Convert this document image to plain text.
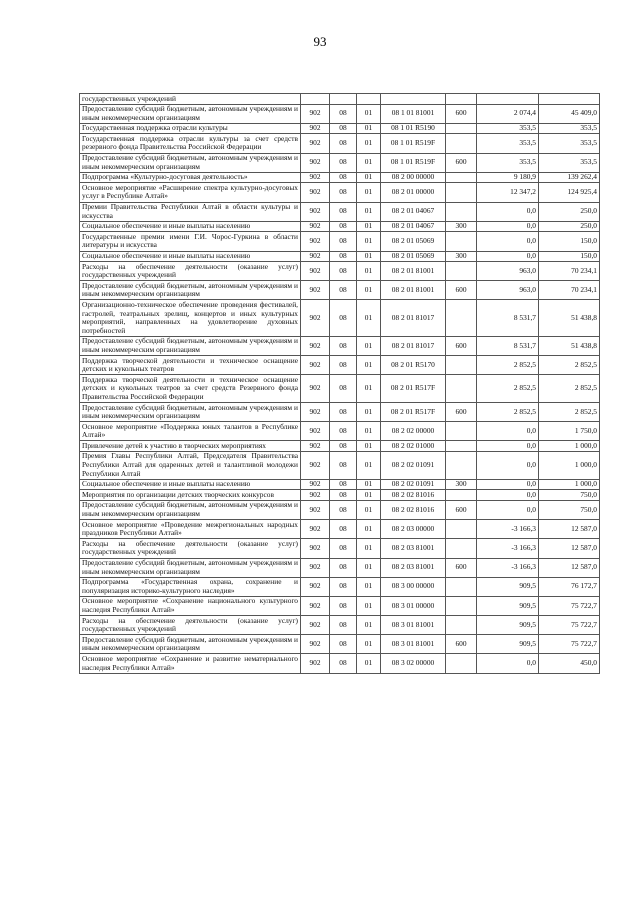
93
государственных учреждений							
Предоставление субсидий бюджетным, автономным учреждениям и иным некоммерческим организациям	902	08	01	08 1 01 81001	600	2 074,4	45 409,0
Государственная поддержка отрасли культуры	902	08	01	08 1 01 R5190		353,5	353,5
Государственная поддержка отрасли культуры за счет средств резервного фонда Правительства Российской Федерации	902	08	01	08 1 01 R519F		353,5	353,5
Предоставление субсидий бюджетным, автономным учреждениям и иным некоммерческим организациям	902	08	01	08 1 01 R519F	600	353,5	353,5
Подпрограмма «Культурно-досуговая деятельность»	902	08	01	08 2 00 00000		9 180,9	139 262,4
Основное мероприятие «Расширение спектра культурно-досуговых услуг в Республике Алтай»	902	08	01	08 2 01 00000		12 347,2	124 925,4
Премии Правительства Республики Алтай в области культуры и искусства	902	08	01	08 2 01 04067		0,0	250,0
Социальное обеспечение и иные выплаты населению	902	08	01	08 2 01 04067	300	0,0	250,0
Государственные премии имени Г.И. Чорос-Гуркина в области литературы и искусства	902	08	01	08 2 01 05069		0,0	150,0
Социальное обеспечение и иные выплаты населению	902	08	01	08 2 01 05069	300	0,0	150,0
Расходы на обеспечение деятельности (оказание услуг) государственных учреждений	902	08	01	08 2 01 81001		963,0	70 234,1
Предоставление субсидий бюджетным, автономным учреждениям и иным некоммерческим организациям	902	08	01	08 2 01 81001	600	963,0	70 234,1
Организационно-техническое обеспечение проведения фестивалей, гастролей, театральных зрелищ, концертов и иных культурных мероприятий, направленных на удовлетворение духовных потребностей	902	08	01	08 2 01 81017		8 531,7	51 438,8
Предоставление субсидий бюджетным, автономным учреждениям и иным некоммерческим организациям	902	08	01	08 2 01 81017	600	8 531,7	51 438,8
Поддержка творческой деятельности и техническое оснащение детских и кукольных театров	902	08	01	08 2 01 R5170		2 852,5	2 852,5
Поддержка творческой деятельности и техническое оснащение детских и кукольных театров за счет средств Резервного фонда Правительства Российской Федерации	902	08	01	08 2 01 R517F		2 852,5	2 852,5
Предоставление субсидий бюджетным, автономным учреждениям и иным некоммерческим организациям	902	08	01	08 2 01 R517F	600	2 852,5	2 852,5
Основное мероприятие «Поддержка юных талантов в Республике Алтай»	902	08	01	08 2 02 00000		0,0	1 750,0
Привлечение детей к участию в творческих мероприятиях	902	08	01	08 2 02 01000		0,0	1 000,0
Премия Главы Республики Алтай, Председателя Правительства Республики Алтай для одаренных детей и талантливой молодежи Республики Алтай	902	08	01	08 2 02 01091		0,0	1 000,0
Социальное обеспечение и иные выплаты населению	902	08	01	08 2 02 01091	300	0,0	1 000,0
Мероприятия по организации детских творческих конкурсов	902	08	01	08 2 02 81016		0,0	750,0
Предоставление субсидий бюджетным, автономным учреждениям и иным некоммерческим организациям	902	08	01	08 2 02 81016	600	0,0	750,0
Основное мероприятие «Проведение межрегиональных народных праздников Республики Алтай»	902	08	01	08 2 03 00000		-3 166,3	12 587,0
Расходы на обеспечение деятельности (оказание услуг) государственных учреждений	902	08	01	08 2 03 81001		-3 166,3	12 587,0
Предоставление субсидий бюджетным, автономным учреждениям и иным некоммерческим организациям	902	08	01	08 2 03 81001	600	-3 166,3	12 587,0
Подпрограмма «Государственная охрана, сохранение и популяризация историко-культурного наследия»	902	08	01	08 3 00 00000		909,5	76 172,7
Основное мероприятие «Сохранение национального культурного наследия Республики Алтай»	902	08	01	08 3 01 00000		909,5	75 722,7
Расходы на обеспечение деятельности (оказание услуг) государственных учреждений	902	08	01	08 3 01 81001		909,5	75 722,7
Предоставление субсидий бюджетным, автономным учреждениям и иным некоммерческим организациям	902	08	01	08 3 01 81001	600	909,5	75 722,7
Основное мероприятие «Сохранение и развитие нематериального наследия Республики Алтай»	902	08	01	08 3 02 00000		0,0	450,0
